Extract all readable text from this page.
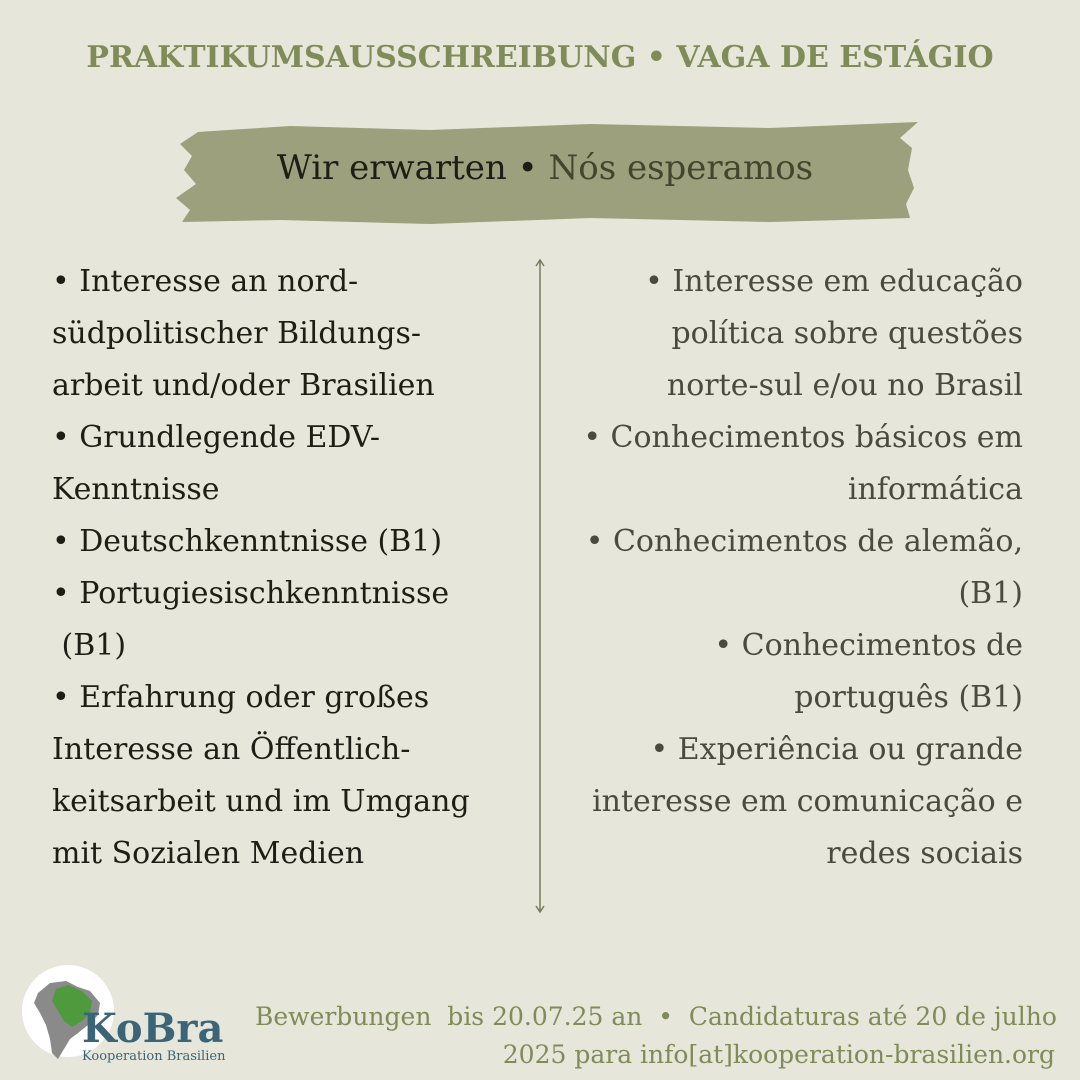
PRAKTIKUMSAUSSCHREIBUNG • VAGA DE ESTÁGIO
Wir erwarten • Nós esperamos
• Interesse an nord-
südpolitischer Bildungs-
arbeit und/oder Brasilien
• Grundlegende EDV-
Kenntnisse
• Deutschkenntnisse (B1)
• Portugiesischkenntnisse
(B1)
• Erfahrung oder großes
Interesse an Öffentlich-
keitsarbeit und im Umgang
mit Sozialen Medien
• Interesse em educação
política sobre questões
norte-sul e/ou no Brasil
• Conhecimentos básicos em
informática
• Conhecimentos de alemão,
(B1)
• Conhecimentos de
português (B1)
• Experiência ou grande
interesse em comunicação e
redes sociais
KoBra
Kooperation Brasilien
Bewerbungen  bis 20.07.25 an  •  Candidaturas até 20 de julho
2025 para info[at]kooperation-brasilien.org
